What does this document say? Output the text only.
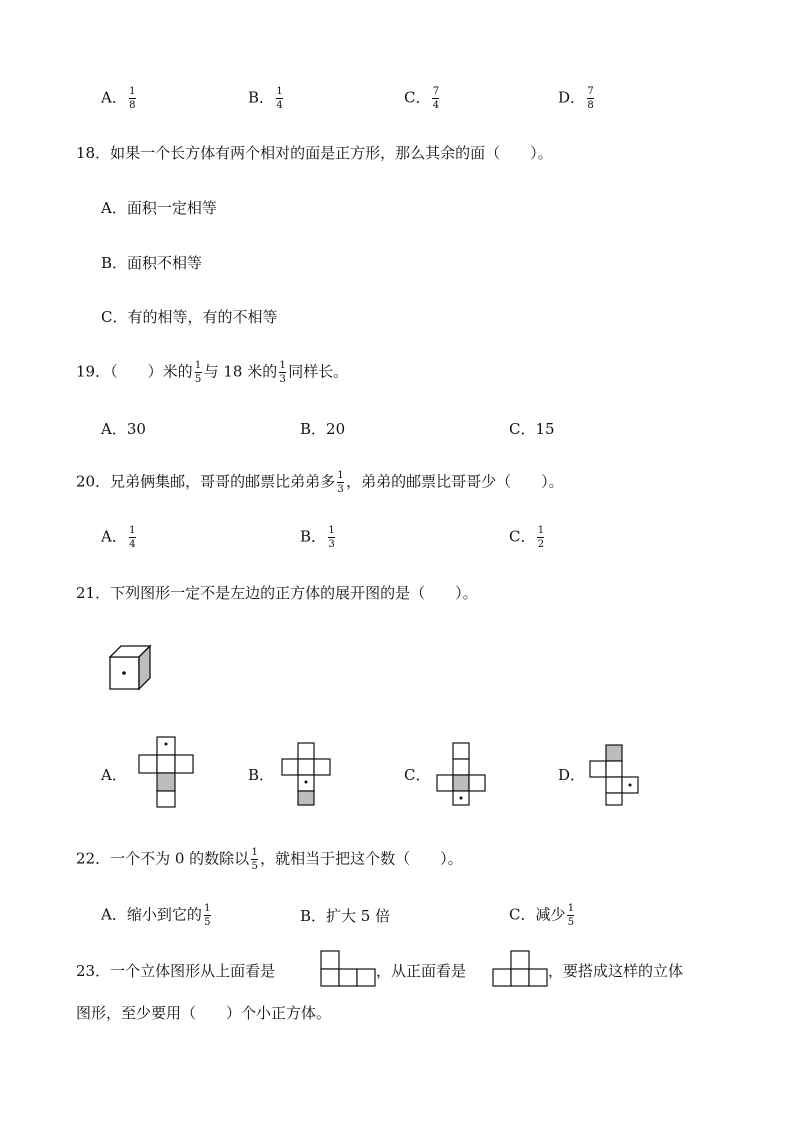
A． $\frac{1}{8}$	B． $\frac{1}{4}$	C． $\frac{7}{4}$	D． $\frac{7}{8}$
18．如果一个长方体有两个相对的面是正方形，那么其余的面（　　）。
A．面积一定相等
B．面积不相等
C．有的相等，有的不相等
19．（　　）米的 $\frac{1}{5}$ 与 18 米的 $\frac{1}{3}$ 同样长。
A．30	B．20	C．15
20．兄弟俩集邮，哥哥的邮票比弟弟多 $\frac{1}{3}$ ，弟弟的邮票比哥哥少（　　）。
A． $\frac{1}{4}$	B． $\frac{1}{3}$	C． $\frac{1}{2}$
21．下列图形一定不是左边的正方体的展开图的是（　　）。
A．	B．	C．	D．
22．一个不为 0 的数除以 $\frac{1}{5}$ ，就相当于把这个数（　　）。
A．缩小到它的 $\frac{1}{5}$	B．扩大 5 倍	C．减少 $\frac{1}{5}$
23．一个立体图形从上面看是	，从正面看是	，要搭成这样的立体
图形，至少要用（　　）个小正方体。
